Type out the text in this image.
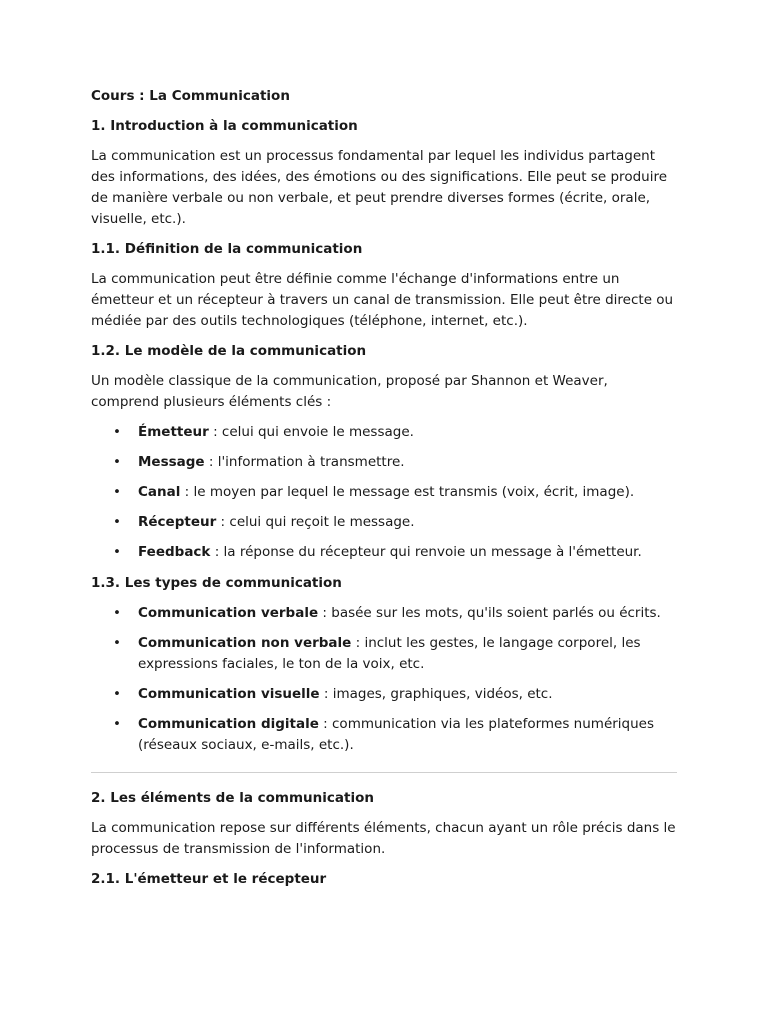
Cours : La Communication

1. Introduction à la communication

La communication est un processus fondamental par lequel les individus partagent des informations, des idées, des émotions ou des significations. Elle peut se produire de manière verbale ou non verbale, et peut prendre diverses formes (écrite, orale, visuelle, etc.).

1.1. Définition de la communication

La communication peut être définie comme l'échange d'informations entre un émetteur et un récepteur à travers un canal de transmission. Elle peut être directe ou médiée par des outils technologiques (téléphone, internet, etc.).

1.2. Le modèle de la communication

Un modèle classique de la communication, proposé par Shannon et Weaver, comprend plusieurs éléments clés :

• Émetteur : celui qui envoie le message.
• Message : l'information à transmettre.
• Canal : le moyen par lequel le message est transmis (voix, écrit, image).
• Récepteur : celui qui reçoit le message.
• Feedback : la réponse du récepteur qui renvoie un message à l'émetteur.

1.3. Les types de communication

• Communication verbale : basée sur les mots, qu'ils soient parlés ou écrits.
• Communication non verbale : inclut les gestes, le langage corporel, les expressions faciales, le ton de la voix, etc.
• Communication visuelle : images, graphiques, vidéos, etc.
• Communication digitale : communication via les plateformes numériques (réseaux sociaux, e-mails, etc.).

2. Les éléments de la communication

La communication repose sur différents éléments, chacun ayant un rôle précis dans le processus de transmission de l'information.

2.1. L'émetteur et le récepteur
